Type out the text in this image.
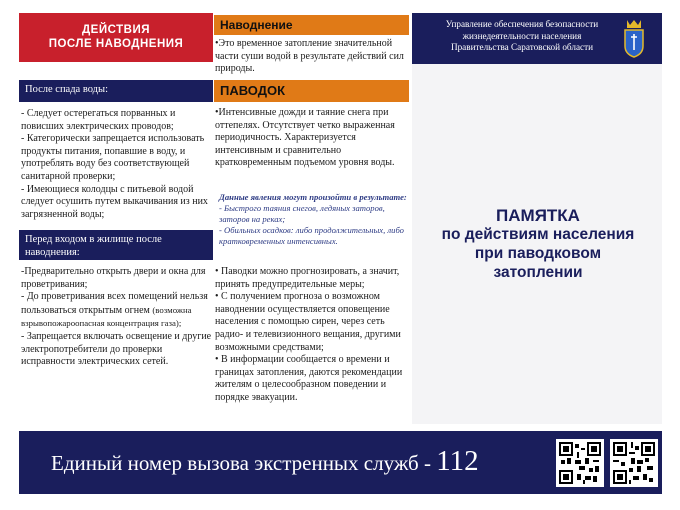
ДЕЙСТВИЯ
ПОСЛЕ НАВОДНЕНИЯ
После спада воды:
- Следует остерегаться порванных и повисших электрических проводов;
- Категорически запрещается использовать продукты питания, попавшие в воду, и употреблять воду без соответствующей санитарной проверки;
- Имеющиеся колодцы с питьевой водой следует осушить путем выкачивания из них загрязненной воды;
Перед входом в жилище после наводнения:
-Предварительно открыть двери и окна для проветривания;
- До проветривания всех помещений нельзя пользоваться открытым огнем (возможна взрывопожароопасная концентрация газа);
- Запрещается включать освещение и другие электропотребители до проверки исправности электрических сетей.
Наводнение
•Это временное затопление значительной части суши водой в результате действий сил природы.
ПАВОДОК
•Интенсивные дожди и таяние снега при оттепелях. Отсутствует четко выраженная периодичность. Характеризуется интенсивным и сравнительно кратковременным подъемом уровня воды.
Данные явления могут произойти в результате:
- Быстрого таяния снегов, ледяных заторов, заторов на реках;
- Обильных осадков: либо продолжительных, либо кратковременных интенсивных.
• Паводки можно прогнозировать, а значит, принять предупредительные меры;
• С получением прогноза о возможном наводнении осуществляется оповещение населения с помощью сирен, через сеть радио- и телевизионного вещания, другими возможными средствами;
• В информации сообщается о времени и границах затопления, даются рекомендации жителям о целесообразном поведении и порядке эвакуации.
Управление обеспечения безопасности
жизнедеятельности населения
Правительства Саратовской области
ПАМЯТКА
по действиям населения
при паводковом
затоплении
Единый номер вызова экстренных служб - 112
